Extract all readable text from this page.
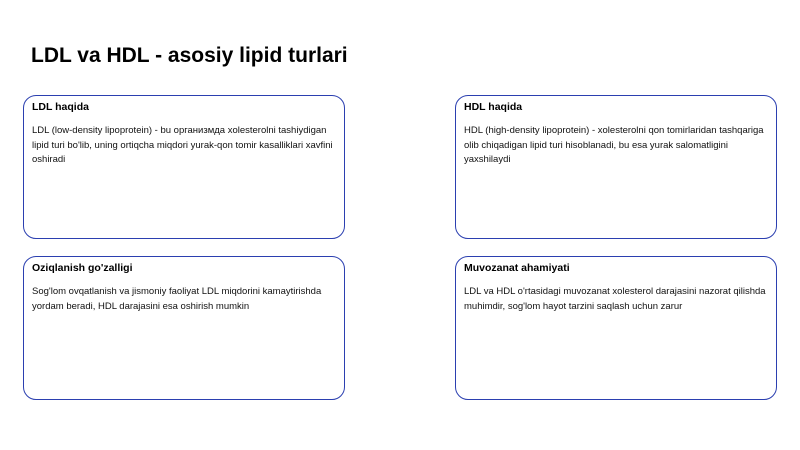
LDL va HDL - asosiy lipid turlari
LDL haqida
LDL (low-density lipoprotein) - bu организмда xolesterolni tashiydigan lipid turi bo'lib, uning ortiqcha miqdori yurak-qon tomir kasalliklari xavfini oshiradi
HDL haqida
HDL (high-density lipoprotein) - xolesterolni qon tomirlaridan tashqariga olib chiqadigan lipid turi hisoblanadi, bu esa yurak salomatligini yaxshilaydi
Oziqlanish go'zalligi
Sog'lom ovqatlanish va jismoniy faoliyat LDL miqdorini kamaytirishda yordam beradi, HDL darajasini esa oshirish mumkin
Muvozanat ahamiyati
LDL va HDL o'rtasidagi muvozanat xolesterol darajasini nazorat qilishda muhimdir, sog'lom hayot tarzini saqlash uchun zarur
